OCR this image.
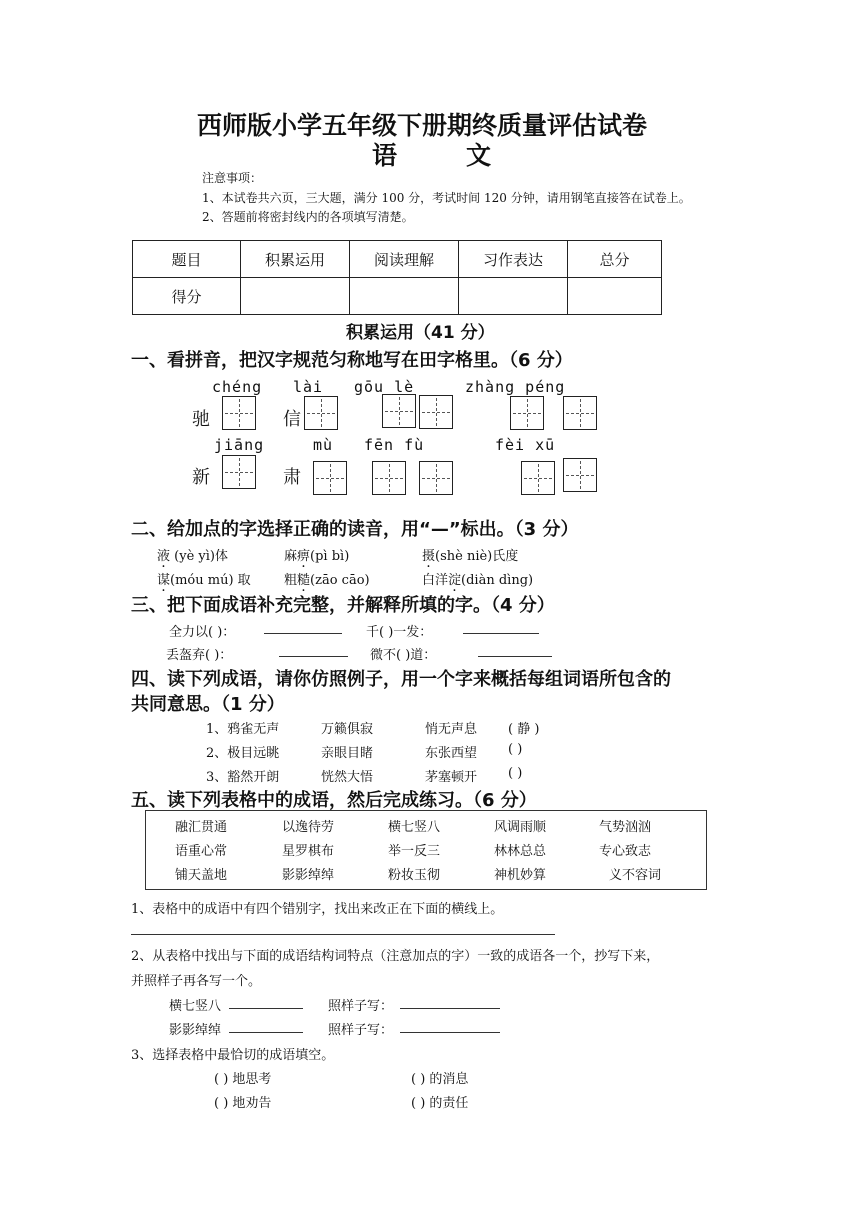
西师版小学五年级下册期终质量评估试卷
语	文
注意事项：
1、本试卷共六页，三大题，满分 100 分，考试时间 120 分钟，请用钢笔直接答在试卷上。
2、答题前将密封线内的各项填写清楚。
题目	积累运用	阅读理解	习作表达	总分
得分				
积累运用（41 分）
一、看拼音，把汉字规范匀称地写在田字格里。（6 分）
chéng lài gōu lè	zhàng péng
驰	信
jiāng	mù fēn fù	fèi xū
新	肃
二、给加点的字选择正确的读音，用“—”标出。（3 分）
液 (yè yì)体	麻痹(pì bì)	摄(shè niè)氏度
谋(móu mú) 取	粗糙(zāo cāo)	白洋淀(diàn dìng)
三、把下面成语补充完整，并解释所填的字。（4 分）
全力以( )：	千( )一发：
丢盔弃( )：	微不( )道：
四、读下列成语，请你仿照例子，用一个字来概括每组词语所包含的
共同意思。（1 分）
1、鸦雀无声	万籁俱寂	悄无声息 ( 静 )
2、极目远眺	亲眼目睹	东张西望 ( )
3、豁然开朗	恍然大悟	茅塞顿开 ( )
五、读下列表格中的成语，然后完成练习。（6 分）
融汇贯通	以逸待劳	横七竖八	风调雨顺	气势汹汹
语重心常	星罗棋布	举一反三	林林总总	专心致志
铺天盖地	影影绰绰	粉妆玉彻	神机妙算	义不容词
1、表格中的成语中有四个错别字，找出来改正在下面的横线上。
2、从表格中找出与下面的成语结构词特点（注意加点的字）一致的成语各一个，抄写下来，
并照样子再各写一个。
横七竖八	照样子写：
影影绰绰	照样子写：
3、选择表格中最恰切的成语填空。
( ) 地思考	( ) 的消息
( ) 地劝告	( ) 的责任
